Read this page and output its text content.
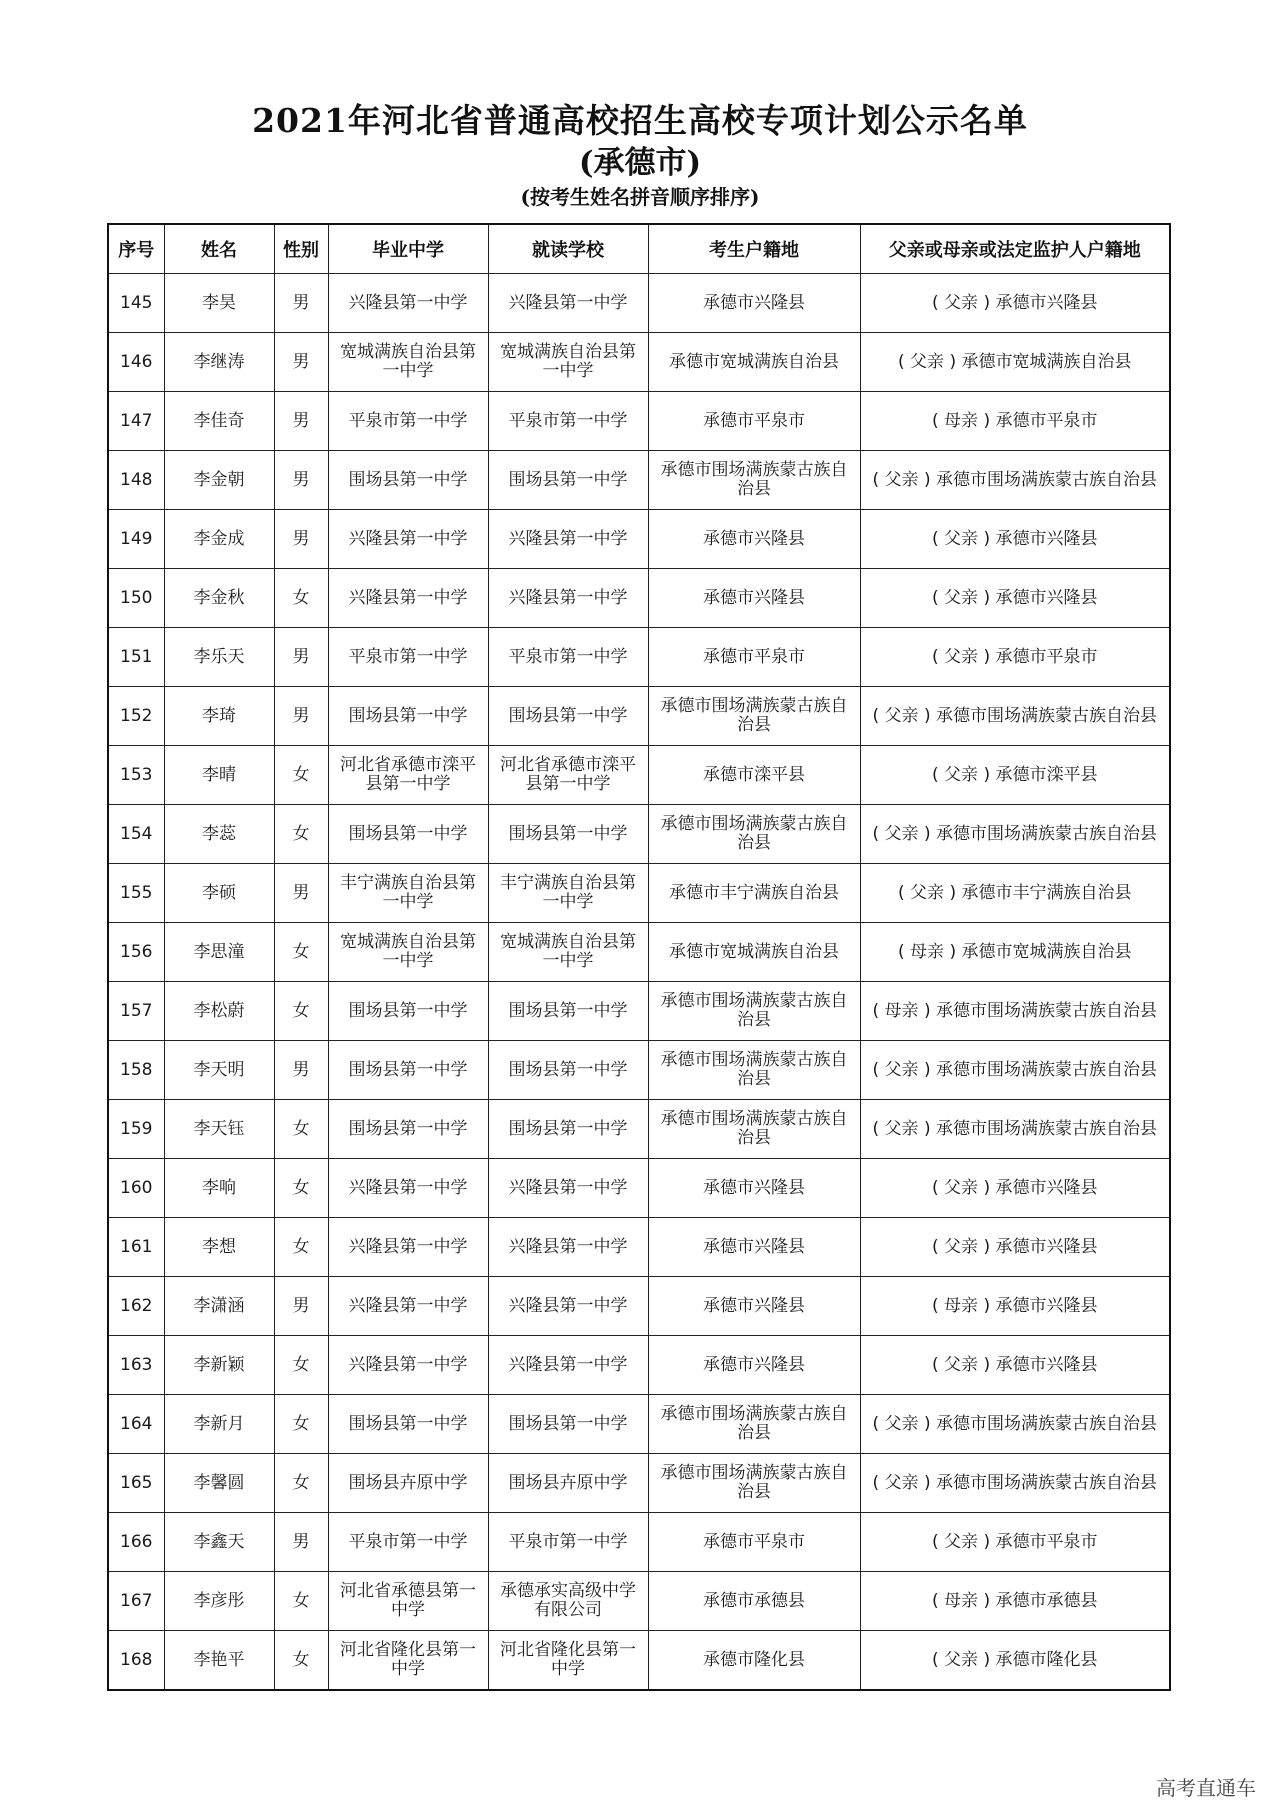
2021年河北省普通高校招生高校专项计划公示名单
(承德市)
(按考生姓名拼音顺序排序)
序号	姓名	性别	毕业中学	就读学校	考生户籍地	父亲或母亲或法定监护人户籍地
145	李昊	男	兴隆县第一中学	兴隆县第一中学	承德市兴隆县	( 父亲 ) 承德市兴隆县
146	李继涛	男	宽城满族自治县第一中学	宽城满族自治县第一中学	承德市宽城满族自治县	( 父亲 ) 承德市宽城满族自治县
147	李佳奇	男	平泉市第一中学	平泉市第一中学	承德市平泉市	( 母亲 ) 承德市平泉市
148	李金朝	男	围场县第一中学	围场县第一中学	承德市围场满族蒙古族自治县	( 父亲 ) 承德市围场满族蒙古族自治县
149	李金成	男	兴隆县第一中学	兴隆县第一中学	承德市兴隆县	( 父亲 ) 承德市兴隆县
150	李金秋	女	兴隆县第一中学	兴隆县第一中学	承德市兴隆县	( 父亲 ) 承德市兴隆县
151	李乐天	男	平泉市第一中学	平泉市第一中学	承德市平泉市	( 父亲 ) 承德市平泉市
152	李琦	男	围场县第一中学	围场县第一中学	承德市围场满族蒙古族自治县	( 父亲 ) 承德市围场满族蒙古族自治县
153	李晴	女	河北省承德市滦平县第一中学	河北省承德市滦平县第一中学	承德市滦平县	( 父亲 ) 承德市滦平县
154	李蕊	女	围场县第一中学	围场县第一中学	承德市围场满族蒙古族自治县	( 父亲 ) 承德市围场满族蒙古族自治县
155	李硕	男	丰宁满族自治县第一中学	丰宁满族自治县第一中学	承德市丰宁满族自治县	( 父亲 ) 承德市丰宁满族自治县
156	李思潼	女	宽城满族自治县第一中学	宽城满族自治县第一中学	承德市宽城满族自治县	( 母亲 ) 承德市宽城满族自治县
157	李松蔚	女	围场县第一中学	围场县第一中学	承德市围场满族蒙古族自治县	( 母亲 ) 承德市围场满族蒙古族自治县
158	李天明	男	围场县第一中学	围场县第一中学	承德市围场满族蒙古族自治县	( 父亲 ) 承德市围场满族蒙古族自治县
159	李天钰	女	围场县第一中学	围场县第一中学	承德市围场满族蒙古族自治县	( 父亲 ) 承德市围场满族蒙古族自治县
160	李响	女	兴隆县第一中学	兴隆县第一中学	承德市兴隆县	( 父亲 ) 承德市兴隆县
161	李想	女	兴隆县第一中学	兴隆县第一中学	承德市兴隆县	( 父亲 ) 承德市兴隆县
162	李潇涵	男	兴隆县第一中学	兴隆县第一中学	承德市兴隆县	( 母亲 ) 承德市兴隆县
163	李新颖	女	兴隆县第一中学	兴隆县第一中学	承德市兴隆县	( 父亲 ) 承德市兴隆县
164	李新月	女	围场县第一中学	围场县第一中学	承德市围场满族蒙古族自治县	( 父亲 ) 承德市围场满族蒙古族自治县
165	李馨圆	女	围场县卉原中学	围场县卉原中学	承德市围场满族蒙古族自治县	( 父亲 ) 承德市围场满族蒙古族自治县
166	李鑫天	男	平泉市第一中学	平泉市第一中学	承德市平泉市	( 父亲 ) 承德市平泉市
167	李彦彤	女	河北省承德县第一中学	承德承实高级中学有限公司	承德市承德县	( 母亲 ) 承德市承德县
168	李艳平	女	河北省隆化县第一中学	河北省隆化县第一中学	承德市隆化县	( 父亲 ) 承德市隆化县
高考直通车
